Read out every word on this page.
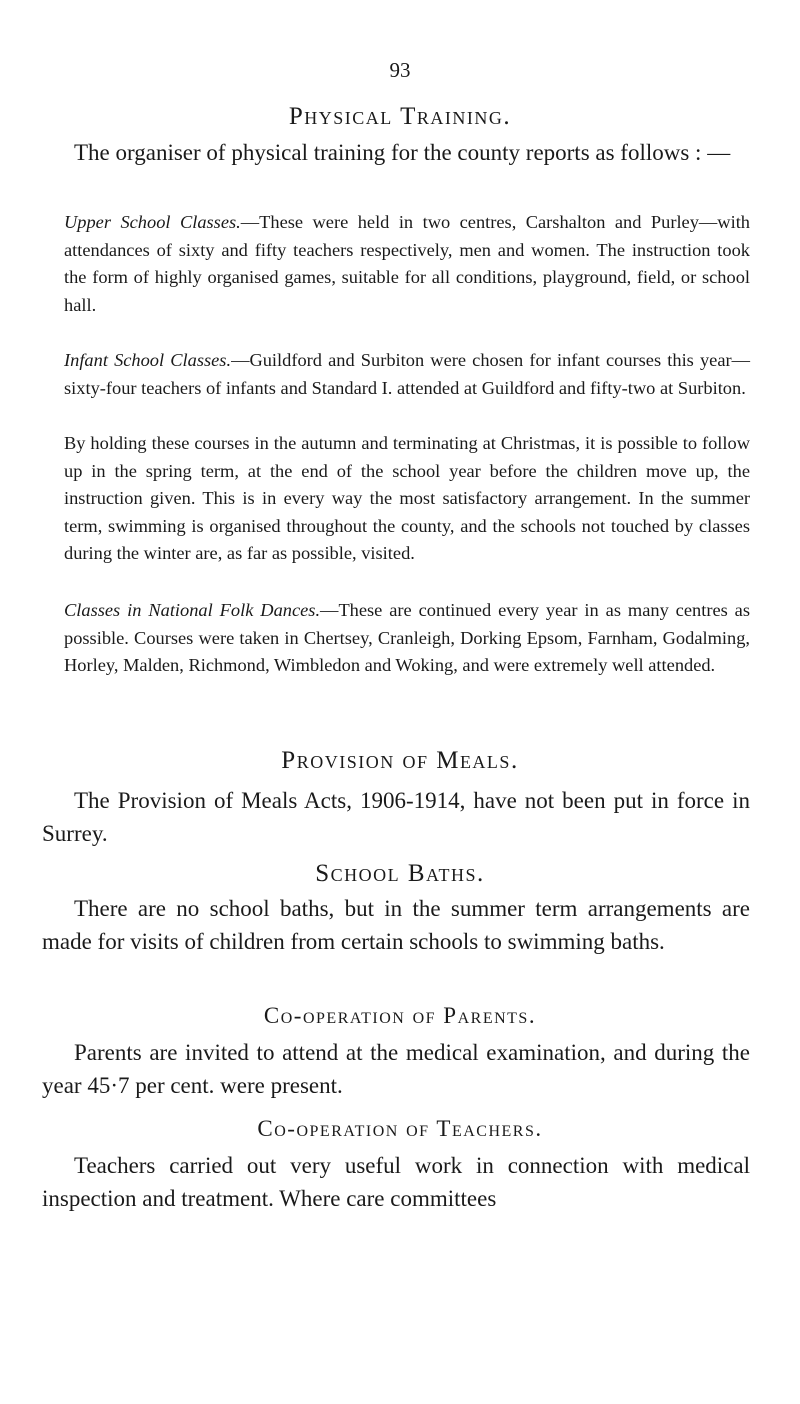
93
Physical Training.

The organiser of physical training for the county reports as follows : —

Upper School Classes.—These were held in two centres, Carshalton and Purley—with attendances of sixty and fifty teachers respectively, men and women. The instruction took the form of highly organised games, suitable for all conditions, playground, field, or school hall.

Infant School Classes.—Guildford and Surbiton were chosen for infant courses this year—sixty-four teachers of infants and Standard I. attended at Guildford and fifty-two at Surbiton.

By holding these courses in the autumn and terminating at Christmas, it is possible to follow up in the spring term, at the end of the school year before the children move up, the instruction given. This is in every way the most satisfactory arrangement. In the summer term, swimming is organised throughout the county, and the schools not touched by classes during the winter are, as far as possible, visited.

Classes in National Folk Dances.—These are continued every year in as many centres as possible. Courses were taken in Chertsey, Cranleigh, Dorking Epsom, Farnham, Godalming, Horley, Malden, Richmond, Wimbledon and Woking, and were extremely well attended.

Provision of Meals.

The Provision of Meals Acts, 1906-1914, have not been put in force in Surrey.

School Baths.

There are no school baths, but in the summer term arrangements are made for visits of children from certain schools to swimming baths.

Co-operation of Parents.

Parents are invited to attend at the medical examination, and during the year 45·7 per cent. were present.

Co-operation of Teachers.

Teachers carried out very useful work in connection with medical inspection and treatment. Where care committees
